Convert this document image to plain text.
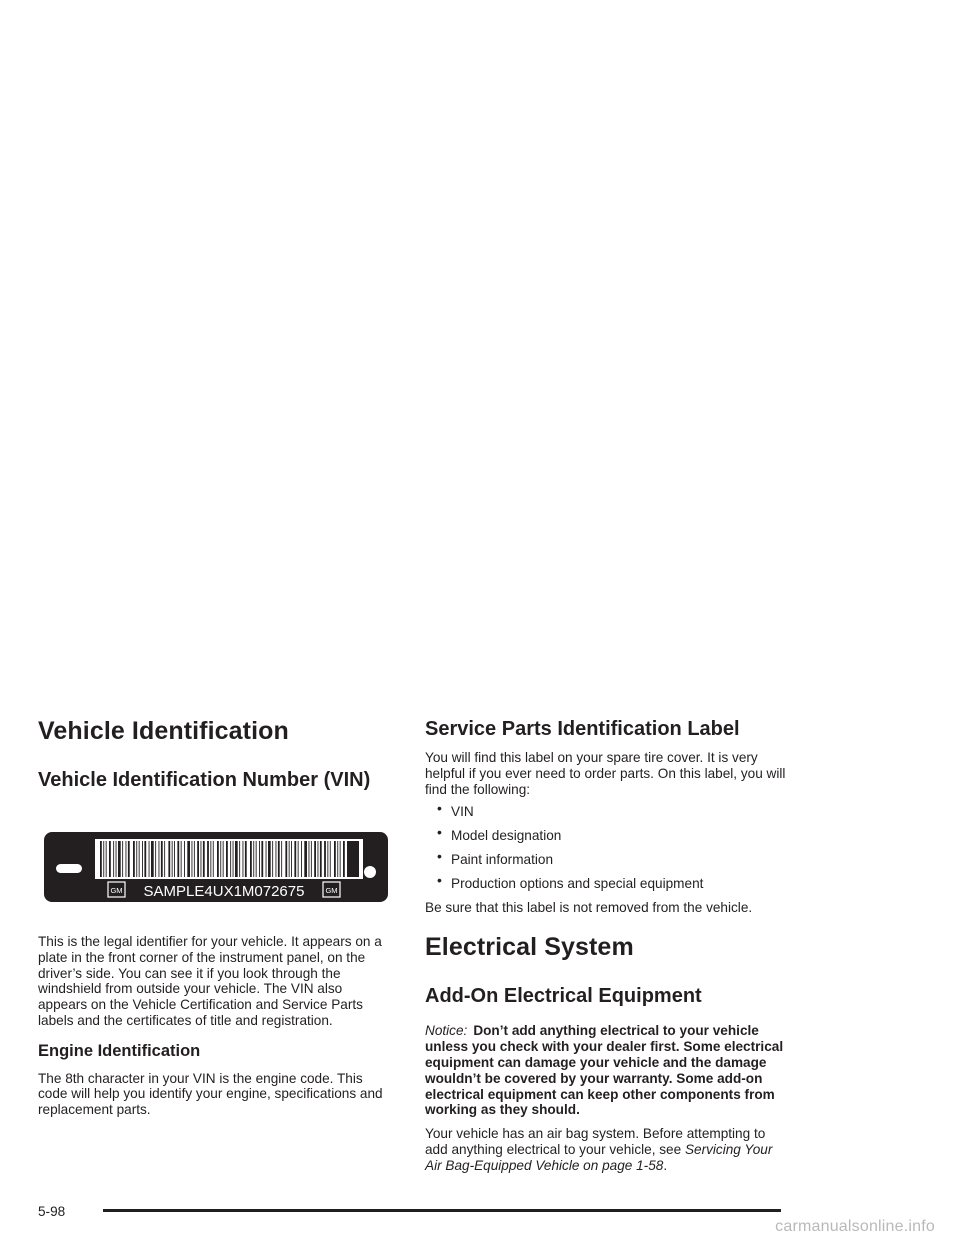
Vehicle Identification
Vehicle Identification Number (VIN)
GM	GM
SAMPLE4UX1M072675

This is the legal identifier for your vehicle. It appears on a plate in the front corner of the instrument panel, on the driver’s side. You can see it if you look through the windshield from outside your vehicle. The VIN also appears on the Vehicle Certification and Service Parts labels and the certificates of title and registration.

Engine Identification

The 8th character in your VIN is the engine code. This code will help you identify your engine, specifications and replacement parts.

Service Parts Identification Label

You will find this label on your spare tire cover. It is very helpful if you ever need to order parts. On this label, you will find the following:

• VIN
• Model designation
• Paint information
• Production options and special equipment

Be sure that this label is not removed from the vehicle.

Electrical System
Add-On Electrical Equipment

Notice: Don’t add anything electrical to your vehicle unless you check with your dealer first. Some electrical equipment can damage your vehicle and the damage wouldn’t be covered by your warranty. Some add-on electrical equipment can keep other components from working as they should.

Your vehicle has an air bag system. Before attempting to add anything electrical to your vehicle, see Servicing Your Air Bag-Equipped Vehicle on page 1-58.

5-98
carmanualsonline.info
